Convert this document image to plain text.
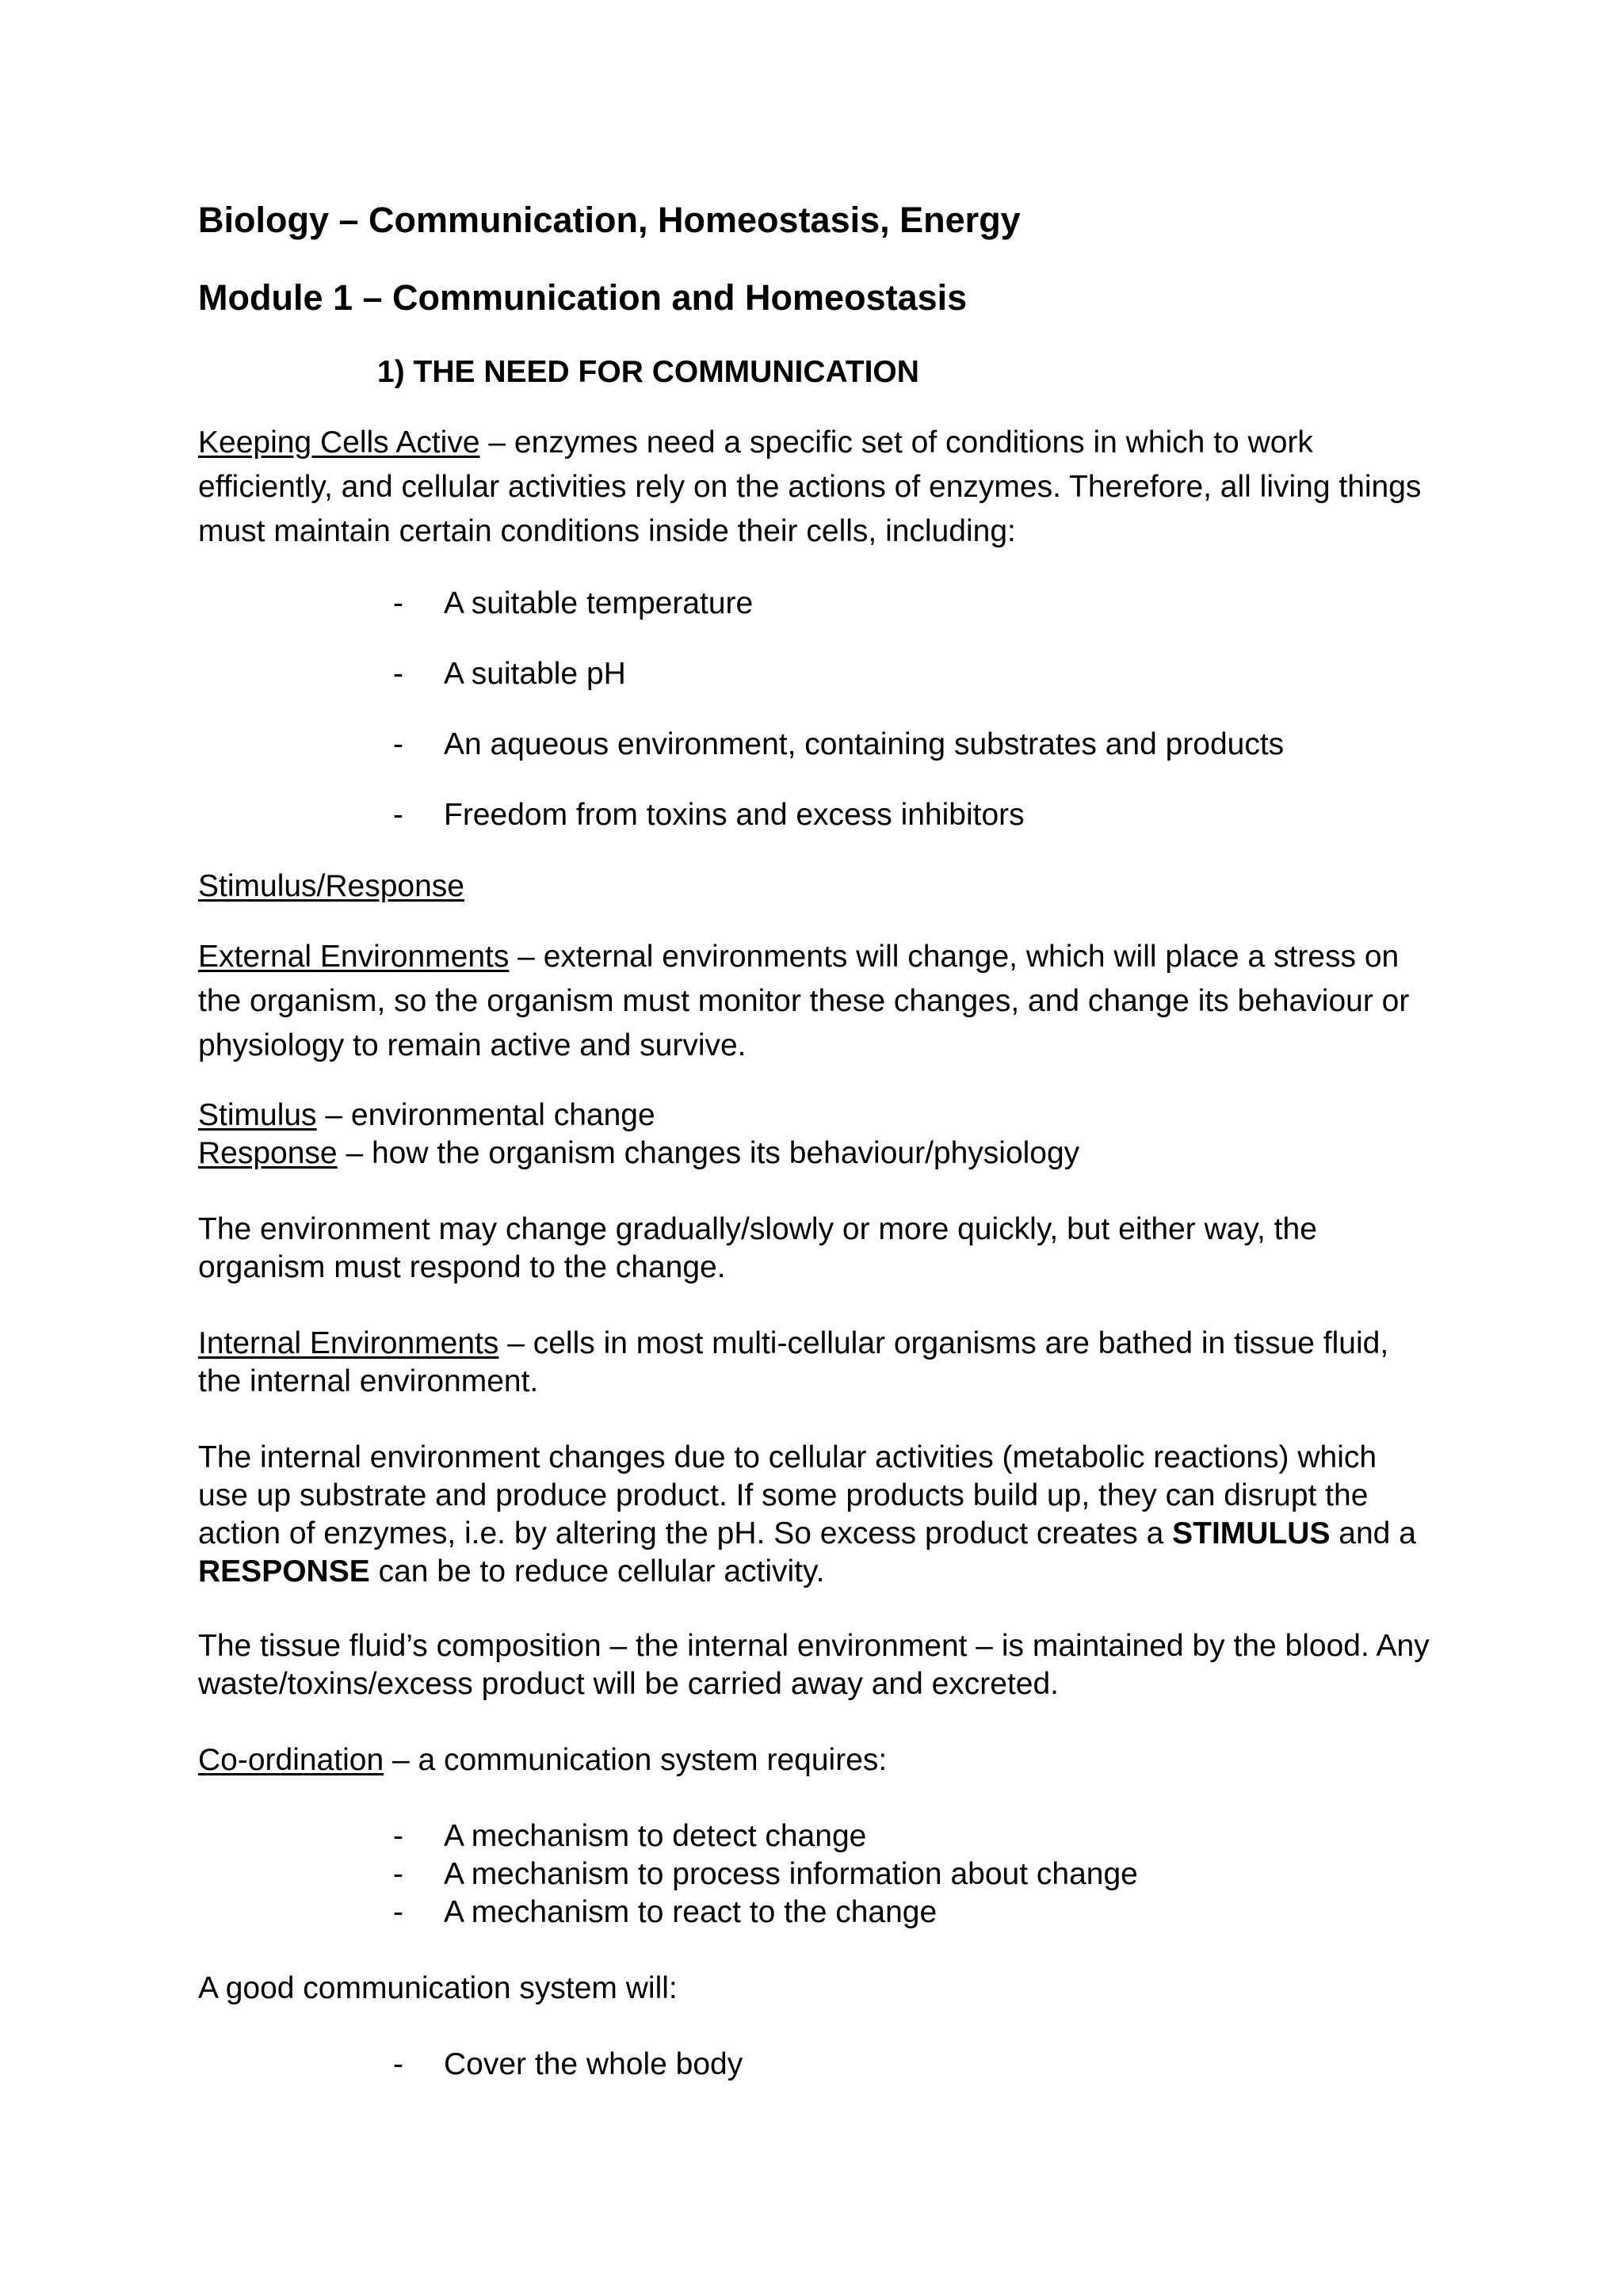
Biology – Communication, Homeostasis, Energy
Module 1 – Communication and Homeostasis
1) THE NEED FOR COMMUNICATION

Keeping Cells Active – enzymes need a specific set of conditions in which to work efficiently, and cellular activities rely on the actions of enzymes. Therefore, all living things must maintain certain conditions inside their cells, including:

- A suitable temperature
- A suitable pH
- An aqueous environment, containing substrates and products
- Freedom from toxins and excess inhibitors

Stimulus/Response

External Environments – external environments will change, which will place a stress on the organism, so the organism must monitor these changes, and change its behaviour or physiology to remain active and survive.

Stimulus – environmental change

Response – how the organism changes its behaviour/physiology

The environment may change gradually/slowly or more quickly, but either way, the organism must respond to the change.

Internal Environments – cells in most multi-cellular organisms are bathed in tissue fluid, the internal environment.

The internal environment changes due to cellular activities (metabolic reactions) which use up substrate and produce product. If some products build up, they can disrupt the action of enzymes, i.e. by altering the pH. So excess product creates a STIMULUS and a RESPONSE can be to reduce cellular activity.

The tissue fluid’s composition – the internal environment – is maintained by the blood. Any waste/toxins/excess product will be carried away and excreted.

Co-ordination – a communication system requires:

- A mechanism to detect change
- A mechanism to process information about change
- A mechanism to react to the change

A good communication system will:

- Cover the whole body
